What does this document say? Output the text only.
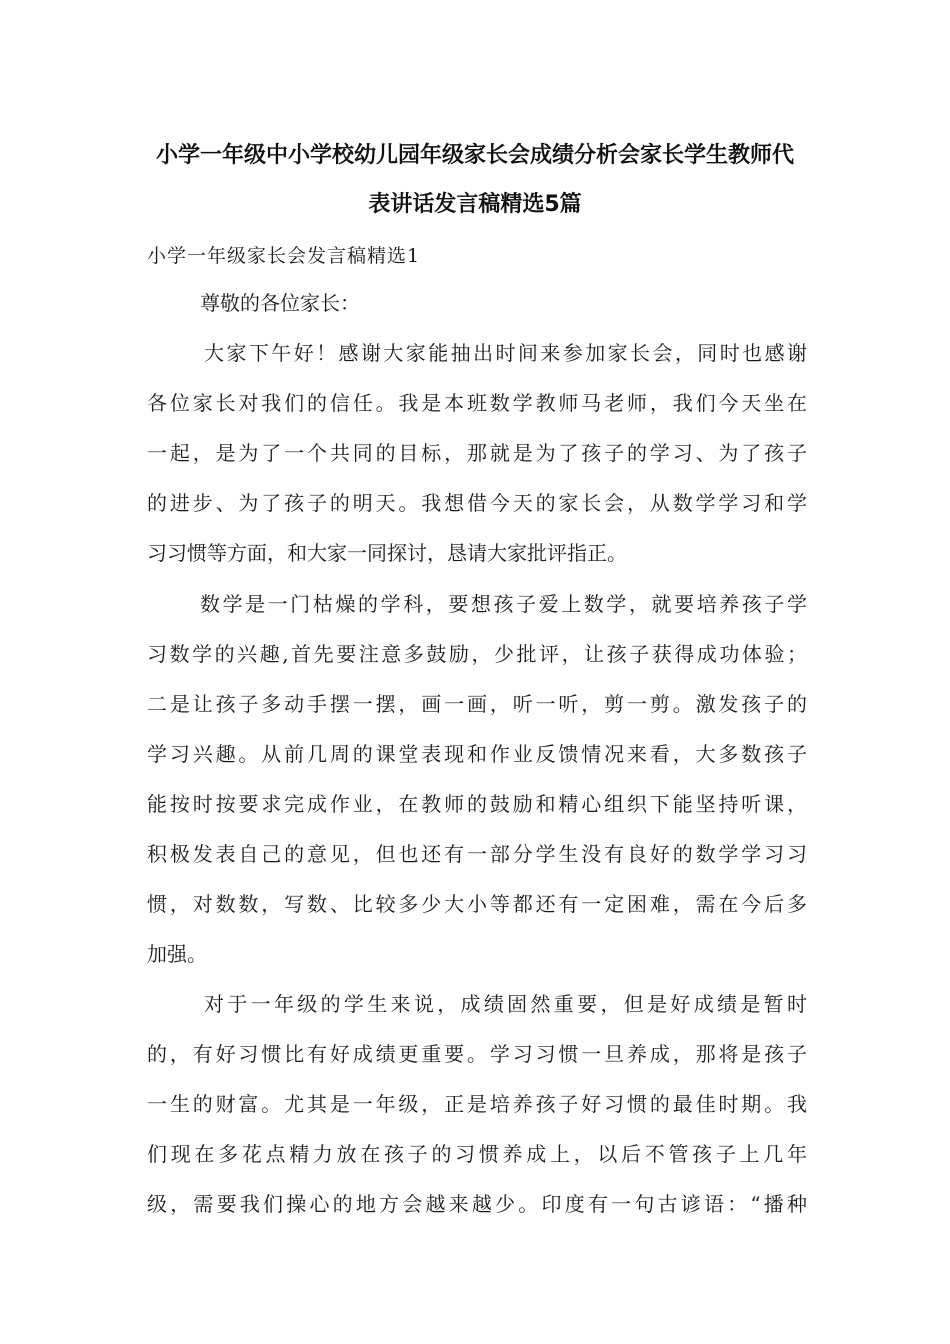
小学一年级中小学校幼儿园年级家长会成绩分析会家长学生教师代
表讲话发言稿精选5篇

小学一年级家长会发言稿精选1

尊敬的各位家长：

大家下午好！感谢大家能抽出时间来参加家长会，同时也感谢

各位家长对我们的信任。我是本班数学教师马老师，我们今天坐在

一起，是为了一个共同的目标，那就是为了孩子的学习、为了孩子

的进步、为了孩子的明天。我想借今天的家长会，从数学学习和学

习习惯等方面，和大家一同探讨，恳请大家批评指正。

数学是一门枯燥的学科，要想孩子爱上数学，就要培养孩子学

习数学的兴趣,首先要注意多鼓励，少批评，让孩子获得成功体验；

二是让孩子多动手摆一摆，画一画，听一听，剪一剪。激发孩子的

学习兴趣。从前几周的课堂表现和作业反馈情况来看，大多数孩子

能按时按要求完成作业，在教师的鼓励和精心组织下能坚持听课，

积极发表自己的意见，但也还有一部分学生没有良好的数学学习习

惯，对数数，写数、比较多少大小等都还有一定困难，需在今后多

加强。

对于一年级的学生来说，成绩固然重要，但是好成绩是暂时

的，有好习惯比有好成绩更重要。学习习惯一旦养成，那将是孩子

一生的财富。尤其是一年级，正是培养孩子好习惯的最佳时期。我

们现在多花点精力放在孩子的习惯养成上，以后不管孩子上几年

级，需要我们操心的地方会越来越少。印度有一句古谚语：“播种
